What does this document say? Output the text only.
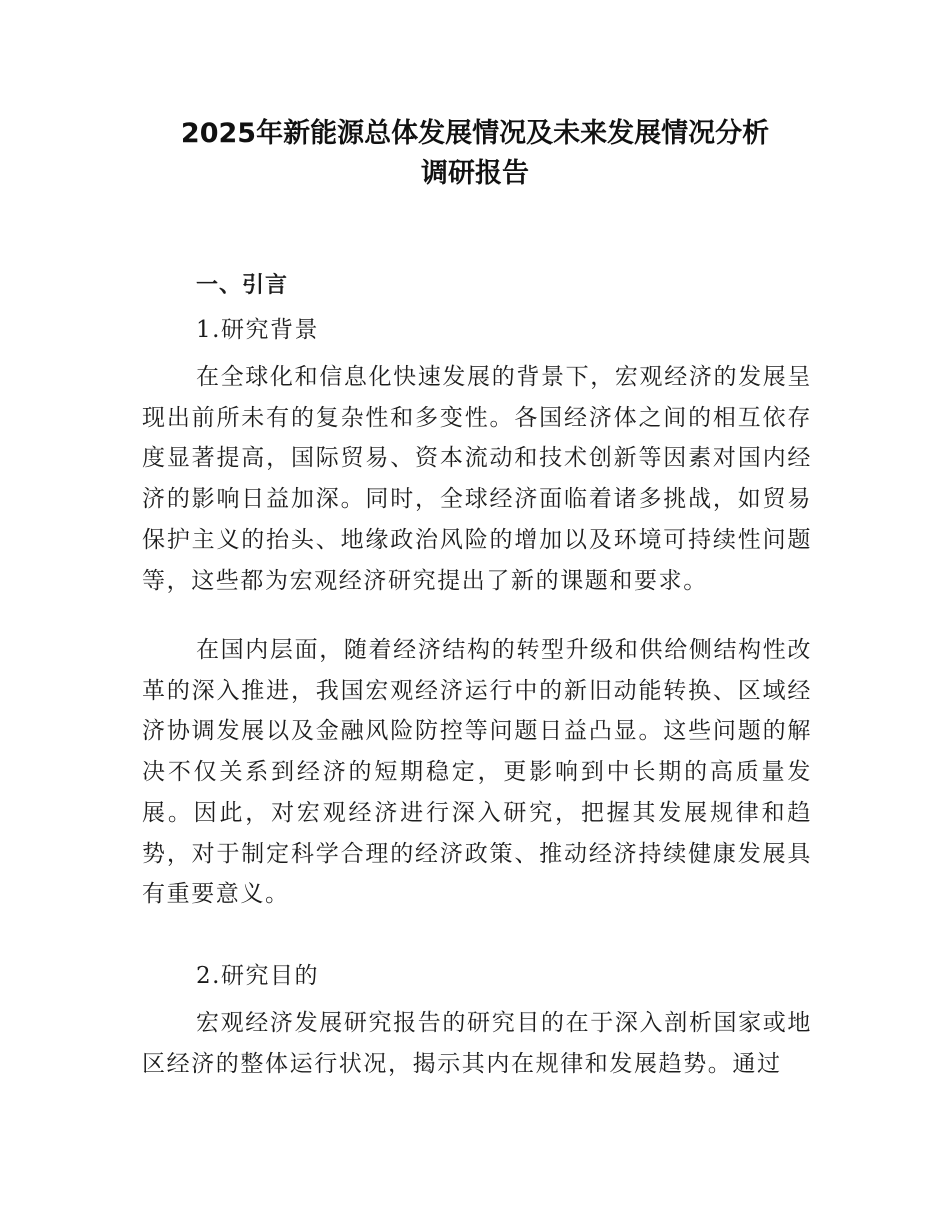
2025年新能源总体发展情况及未来发展情况分析
调研报告
一、引言
1.研究背景

在全球化和信息化快速发展的背景下，宏观经济的发展呈现出前所未有的复杂性和多变性。各国经济体之间的相互依存度显著提高，国际贸易、资本流动和技术创新等因素对国内经济的影响日益加深。同时，全球经济面临着诸多挑战，如贸易保护主义的抬头、地缘政治风险的增加以及环境可持续性问题等，这些都为宏观经济研究提出了新的课题和要求。

在国内层面，随着经济结构的转型升级和供给侧结构性改革的深入推进，我国宏观经济运行中的新旧动能转换、区域经济协调发展以及金融风险防控等问题日益凸显。这些问题的解决不仅关系到经济的短期稳定，更影响到中长期的高质量发展。因此，对宏观经济进行深入研究，把握其发展规律和趋势，对于制定科学合理的经济政策、推动经济持续健康发展具有重要意义。

2.研究目的

宏观经济发展研究报告的研究目的在于深入剖析国家或地区经济的整体运行状况，揭示其内在规律和发展趋势。通过
